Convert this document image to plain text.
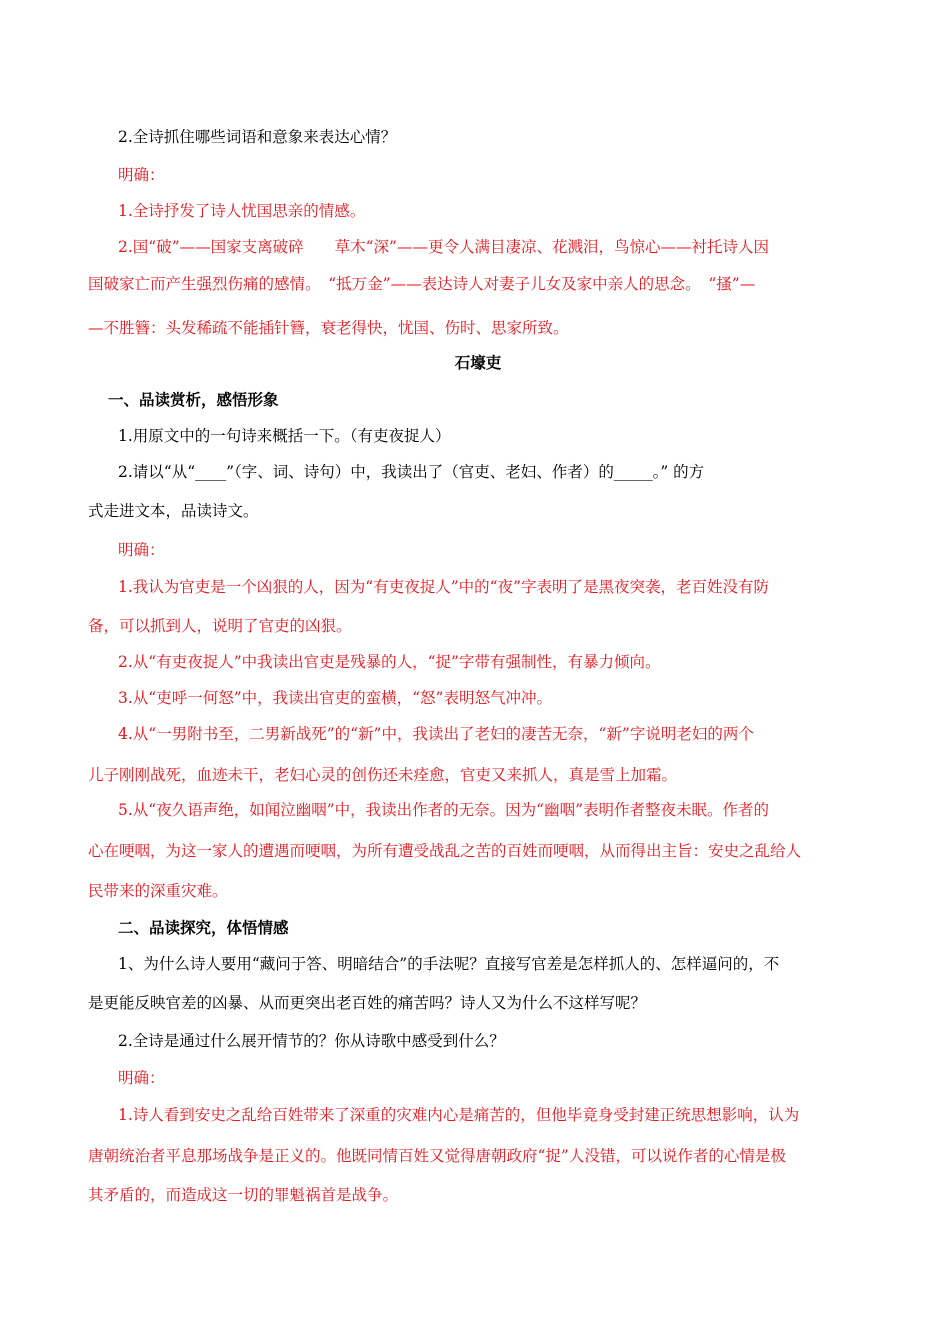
2.全诗抓住哪些词语和意象来表达心情？
明确：
1.全诗抒发了诗人忧国思亲的情感。
2.国“破”——国家支离破碎　　草木“深”——更令人满目凄凉、花溅泪，鸟惊心——衬托诗人因
国破家亡而产生强烈伤痛的感情。　“抵万金”——表达诗人对妻子儿女及家中亲人的思念。　“搔”—
—不胜簪：头发稀疏不能插针簪，衰老得快，忧国、伤时、思家所致。
石壕吏
一、品读赏析，感悟形象
1.用原文中的一句诗来概括一下。（有吏夜捉人）
2.请以“从“____”（字、词、诗句）中，我读出了（官吏、老妇、作者）的_____。” 的方
式走进文本，品读诗文。
明确：
1.我认为官吏是一个凶狠的人，因为“有吏夜捉人”中的“夜”字表明了是黑夜突袭，老百姓没有防
备，可以抓到人，说明了官吏的凶狠。
2.从“有吏夜捉人”中我读出官吏是残暴的人，“捉”字带有强制性，有暴力倾向。
3.从“吏呼一何怒”中，我读出官吏的蛮横，“怒”表明怒气冲冲。
4.从“一男附书至，二男新战死”的“新”中，我读出了老妇的凄苦无奈，“新”字说明老妇的两个
儿子刚刚战死，血迹未干，老妇心灵的创伤还未痊愈，官吏又来抓人，真是雪上加霜。
5.从“夜久语声绝，如闻泣幽咽”中，我读出作者的无奈。因为“幽咽”表明作者整夜未眠。作者的
心在哽咽，为这一家人的遭遇而哽咽，为所有遭受战乱之苦的百姓而哽咽，从而得出主旨：安史之乱给人
民带来的深重灾难。
二、品读探究，体悟情感
1、为什么诗人要用“藏问于答、明暗结合”的手法呢？直接写官差是怎样抓人的、怎样逼问的，不
是更能反映官差的凶暴、从而更突出老百姓的痛苦吗？诗人又为什么不这样写呢？
2.全诗是通过什么展开情节的？你从诗歌中感受到什么？
明确：
1.诗人看到安史之乱给百姓带来了深重的灾难内心是痛苦的，但他毕竟身受封建正统思想影响，认为
唐朝统治者平息那场战争是正义的。他既同情百姓又觉得唐朝政府“捉”人没错，可以说作者的心情是极
其矛盾的，而造成这一切的罪魁祸首是战争。
